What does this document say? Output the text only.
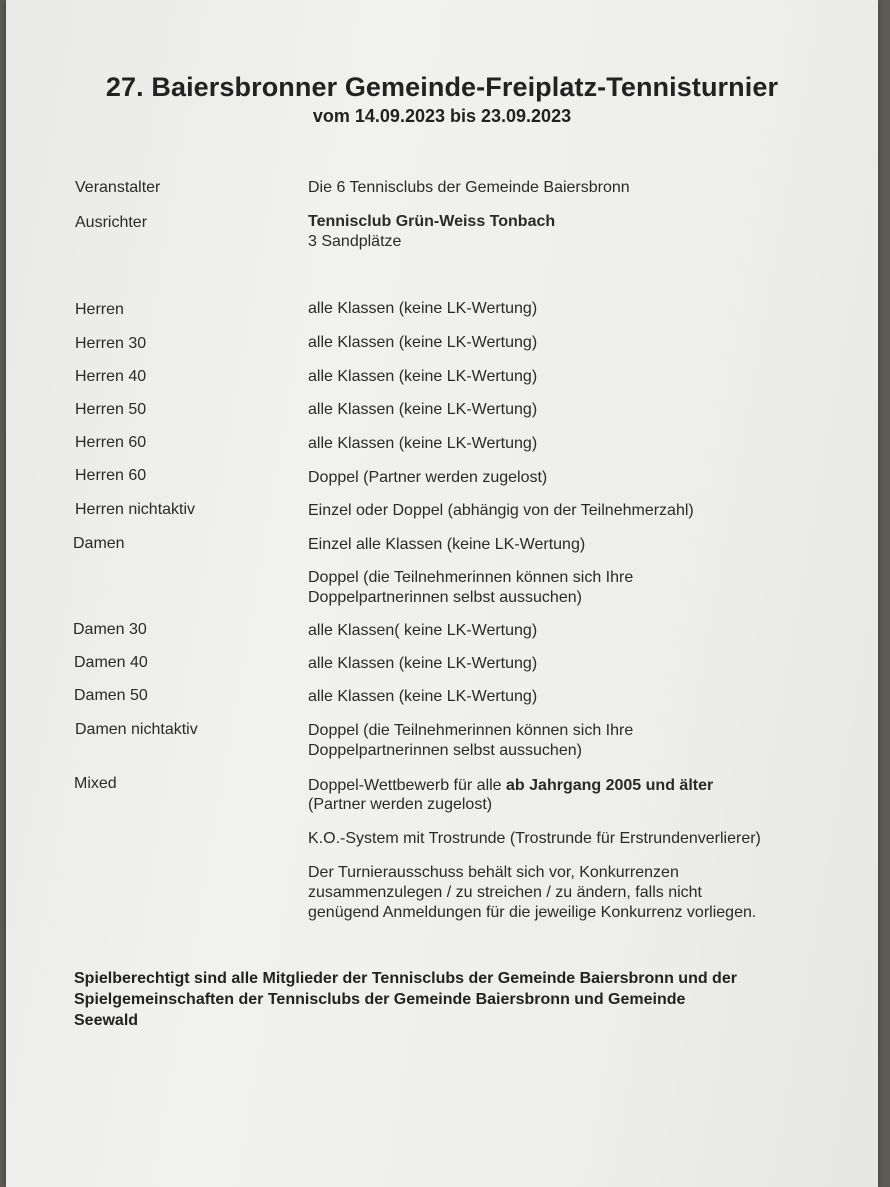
27. Baiersbronner Gemeinde-Freiplatz-Tennisturnier
vom 14.09.2023 bis 23.09.2023
Veranstalter	Die 6 Tennisclubs der Gemeinde Baiersbronn
Ausrichter	Tennisclub Grün-Weiss Tonbach
3 Sandplätze
Herren	alle Klassen (keine LK-Wertung)
Herren 30	alle Klassen (keine LK-Wertung)
Herren 40	alle Klassen (keine LK-Wertung)
Herren 50	alle Klassen (keine LK-Wertung)
Herren 60	alle Klassen (keine LK-Wertung)
Herren 60	Doppel (Partner werden zugelost)
Herren nichtaktiv	Einzel oder Doppel (abhängig von der Teilnehmerzahl)
Damen	Einzel alle Klassen (keine LK-Wertung)
Doppel (die Teilnehmerinnen können sich Ihre
Doppelpartnerinnen selbst aussuchen)
Damen 30	alle Klassen( keine LK-Wertung)
Damen 40	alle Klassen (keine LK-Wertung)
Damen 50	alle Klassen (keine LK-Wertung)
Damen nichtaktiv	Doppel (die Teilnehmerinnen können sich Ihre
Doppelpartnerinnen selbst aussuchen)
Mixed	Doppel-Wettbewerb für alle ab Jahrgang 2005 und älter
(Partner werden zugelost)
K.O.-System mit Trostrunde (Trostrunde für Erstrundenverlierer)
Der Turnierausschuss behält sich vor, Konkurrenzen
zusammenzulegen / zu streichen / zu ändern, falls nicht
genügend Anmeldungen für die jeweilige Konkurrenz vorliegen.
Spielberechtigt sind alle Mitglieder der Tennisclubs der Gemeinde Baiersbronn und der
Spielgemeinschaften der Tennisclubs der Gemeinde Baiersbronn und Gemeinde
Seewald
